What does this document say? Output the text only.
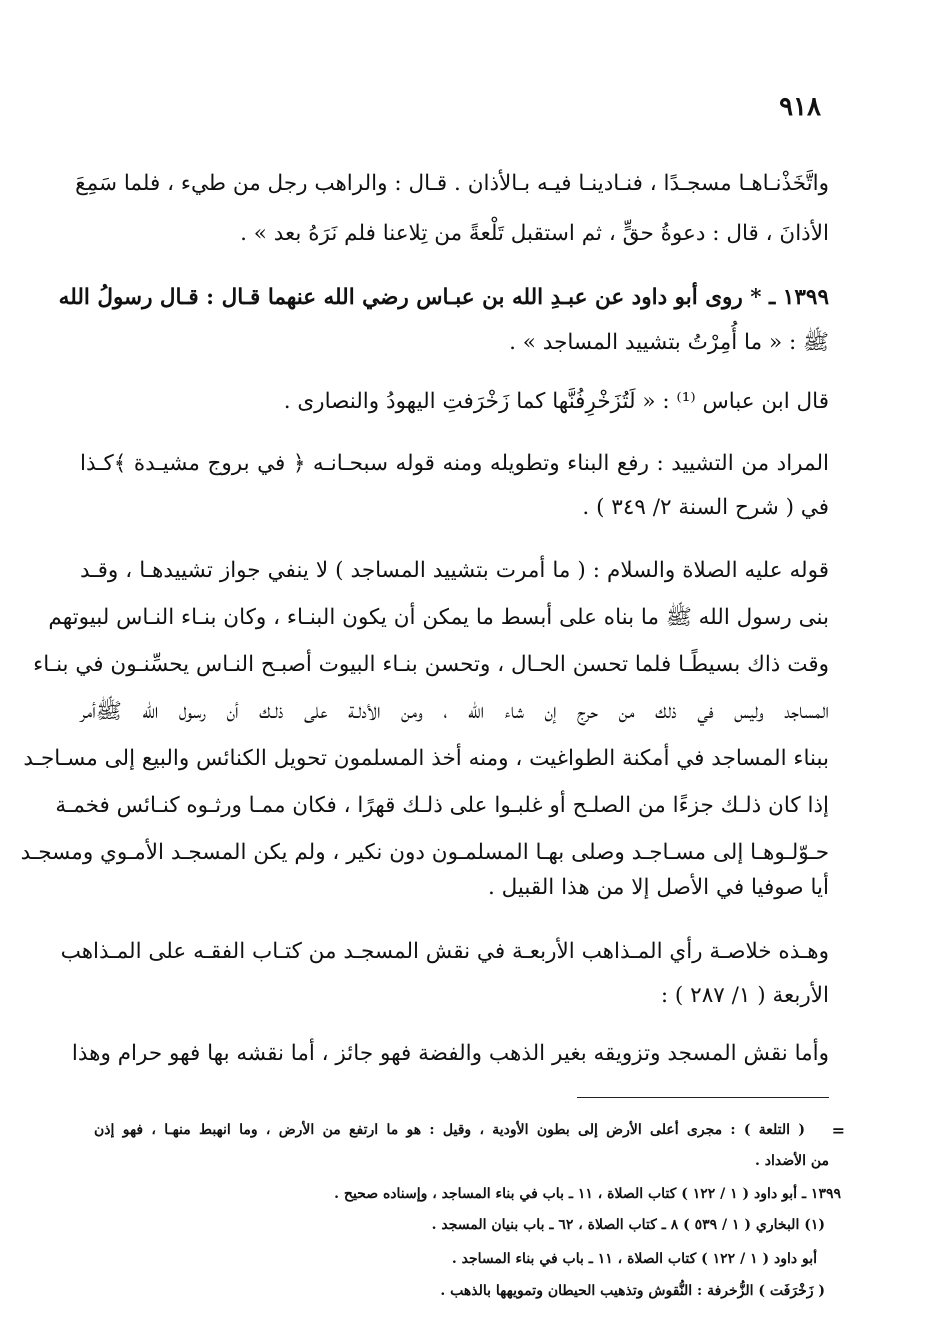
٩١٨
واتَّخَذْنـاهـا مسجـدًا ، فنـادينـا فيـه بـالأذان . قـال : والراهب رجل من طيء ، فلما سَمِعَ
الأذانَ ، قال : دعوةُ حقٍّ ، ثم استقبل تَلْعةً من تِلاعنا فلم نَرَهُ بعد » .
١٣٩٩ ـ * روى أبو داود عن عبـدِ الله بن عبـاس رضي الله عنهما قـال : قـال رسولُ الله
ﷺ : « ما أُمِرْتُ بتشييد المساجد » .
قال ابن عباس ⁽¹⁾ : « لَتُزَخْرِفُنَّها كما زَخْرَفتِ اليهودُ والنصارى .
المراد من التشييد : رفع البناء وتطويله ومنه قوله سبحـانـه ﴿ في بروج مشيـدة ﴾كـذا
في ( شرح السنة ٢/ ٣٤٩ ) .
قوله عليه الصلاة والسلام : ( ما أمرت بتشييد المساجد ) لا ينفي جواز تشييدهـا ، وقـد
بنى رسول الله ﷺ ما بناه على أبسط ما يمكن أن يكون البنـاء ، وكان بنـاء النـاس لبيوتهم
وقت ذاك بسيطًـا فلما تحسن الحـال ، وتحسن بنـاء البيوت أصبـح النـاس يحسِّنـون في بنـاء
المساجد وليس في ذلك من حرج إن شاء الله ، ومن الأدلـة على ذلـك أن رسول الله ﷺأمر
ببناء المساجد في أمكنة الطواغيت ، ومنه أخذ المسلمون تحويل الكنائس والبيع إلى مسـاجـد
إذا كان ذلـك جزءًا من الصلـح أو غلبـوا على ذلـك قهرًا ، فكان ممـا ورثـوه كنـائس فخمـة
حـوّلـوهـا إلى مسـاجـد وصلى بهـا المسلمـون دون نكير ، ولم يكن المسجـد الأمـوي ومسجـد
أيا صوفيا في الأصل إلا من هذا القبيل .
وهـذه خلاصـة رأي المـذاهب الأربعـة في نقش المسجـد من كتـاب الفقـه على المـذاهب
الأربعة ( ١/ ٢٨٧ ) :
وأما نقش المسجد وتزويقه بغير الذهب والفضة فهو جائز ، أما نقشه بها فهو حرام وهذا
=
( التلعة ) : مجرى أعلى الأرض إلى بطون الأودية ، وقيل : هو ما ارتفع من الأرض ، وما انهبط منهـا ، فهو إذن
من الأضداد .
١٣٩٩ ـ أبو داود ( ١ / ١٢٢ ) كتاب الصلاة ، ١١ ـ باب في بناء المساجد ، وإسناده صحيح .
(١) البخاري ( ١ / ٥٣٩ ) ٨ ـ كتاب الصلاة ، ٦٢ ـ باب بنيان المسجد .
أبو داود ( ١ / ١٢٢ ) كتاب الصلاة ، ١١ ـ باب في بناء المساجد .
( زَخْرَفَت ) الزُّخرفة : النُّقوش وتذهيب الحيطان وتمويهها بالذهب .
